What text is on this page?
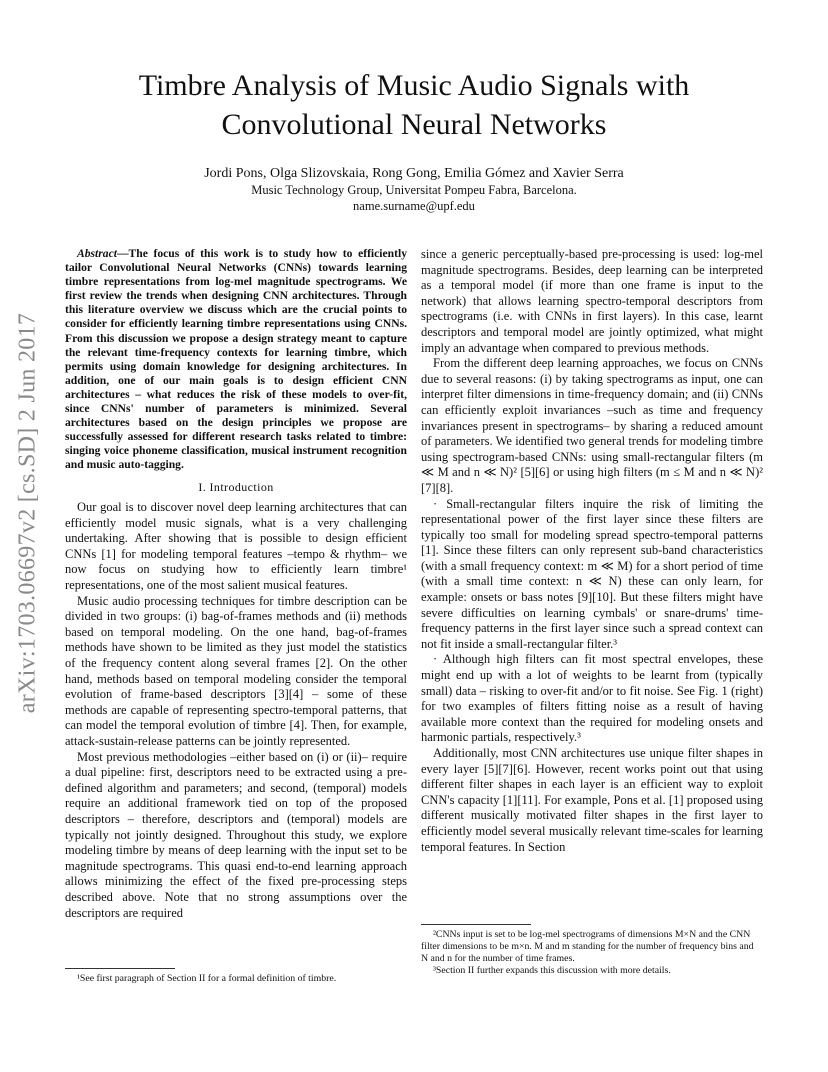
arXiv:1703.06697v2 [cs.SD] 2 Jun 2017
Timbre Analysis of Music Audio Signals with
Convolutional Neural Networks
Jordi Pons, Olga Slizovskaia, Rong Gong, Emilia Gómez and Xavier Serra
Music Technology Group, Universitat Pompeu Fabra, Barcelona.
name.surname@upf.edu

Abstract—The focus of this work is to study how to efficiently tailor Convolutional Neural Networks (CNNs) towards learning timbre representations from log-mel magnitude spectrograms. We first review the trends when designing CNN architectures. Through this literature overview we discuss which are the crucial points to consider for efficiently learning timbre representations using CNNs. From this discussion we propose a design strategy meant to capture the relevant time-frequency contexts for learning timbre, which permits using domain knowledge for designing architectures. In addition, one of our main goals is to design efficient CNN architectures – what reduces the risk of these models to over-fit, since CNNs' number of parameters is minimized. Several architectures based on the design principles we propose are successfully assessed for different research tasks related to timbre: singing voice phoneme classification, musical instrument recognition and music auto-tagging.

I. Introduction

Our goal is to discover novel deep learning architectures that can efficiently model music signals, what is a very challenging undertaking. After showing that is possible to design efficient CNNs [1] for modeling temporal features –tempo & rhythm– we now focus on studying how to efficiently learn timbre¹ representations, one of the most salient musical features.

Music audio processing techniques for timbre description can be divided in two groups: (i) bag-of-frames methods and (ii) methods based on temporal modeling. On the one hand, bag-of-frames methods have shown to be limited as they just model the statistics of the frequency content along several frames [2]. On the other hand, methods based on temporal modeling consider the temporal evolution of frame-based descriptors [3][4] – some of these methods are capable of representing spectro-temporal patterns, that can model the temporal evolution of timbre [4]. Then, for example, attack-sustain-release patterns can be jointly represented.

Most previous methodologies –either based on (i) or (ii)– require a dual pipeline: first, descriptors need to be extracted using a pre-defined algorithm and parameters; and second, (temporal) models require an additional framework tied on top of the proposed descriptors – therefore, descriptors and (temporal) models are typically not jointly designed. Throughout this study, we explore modeling timbre by means of deep learning with the input set to be magnitude spectrograms. This quasi end-to-end learning approach allows minimizing the effect of the fixed pre-processing steps described above. Note that no strong assumptions over the descriptors are required

¹See first paragraph of Section II for a formal definition of timbre.

since a generic perceptually-based pre-processing is used: log-mel magnitude spectrograms. Besides, deep learning can be interpreted as a temporal model (if more than one frame is input to the network) that allows learning spectro-temporal descriptors from spectrograms (i.e. with CNNs in first layers). In this case, learnt descriptors and temporal model are jointly optimized, what might imply an advantage when compared to previous methods.

From the different deep learning approaches, we focus on CNNs due to several reasons: (i) by taking spectrograms as input, one can interpret filter dimensions in time-frequency domain; and (ii) CNNs can efficiently exploit invariances –such as time and frequency invariances present in spectrograms– by sharing a reduced amount of parameters. We identified two general trends for modeling timbre using spectrogram-based CNNs: using small-rectangular filters (m ≪ M and n ≪ N)² [5][6] or using high filters (m ≤ M and n ≪ N)² [7][8].

· Small-rectangular filters inquire the risk of limiting the representational power of the first layer since these filters are typically too small for modeling spread spectro-temporal patterns [1]. Since these filters can only represent sub-band characteristics (with a small frequency context: m ≪ M) for a short period of time (with a small time context: n ≪ N) these can only learn, for example: onsets or bass notes [9][10]. But these filters might have severe difficulties on learning cymbals' or snare-drums' time-frequency patterns in the first layer since such a spread context can not fit inside a small-rectangular filter.³

· Although high filters can fit most spectral envelopes, these might end up with a lot of weights to be learnt from (typically small) data – risking to over-fit and/or to fit noise. See Fig. 1 (right) for two examples of filters fitting noise as a result of having available more context than the required for modeling onsets and harmonic partials, respectively.³

Additionally, most CNN architectures use unique filter shapes in every layer [5][7][6]. However, recent works point out that using different filter shapes in each layer is an efficient way to exploit CNN's capacity [1][11]. For example, Pons et al. [1] proposed using different musically motivated filter shapes in the first layer to efficiently model several musically relevant time-scales for learning temporal features. In Section

²CNNs input is set to be log-mel spectrograms of dimensions M×N and the CNN filter dimensions to be m×n. M and m standing for the number of frequency bins and N and n for the number of time frames.

³Section II further expands this discussion with more details.
